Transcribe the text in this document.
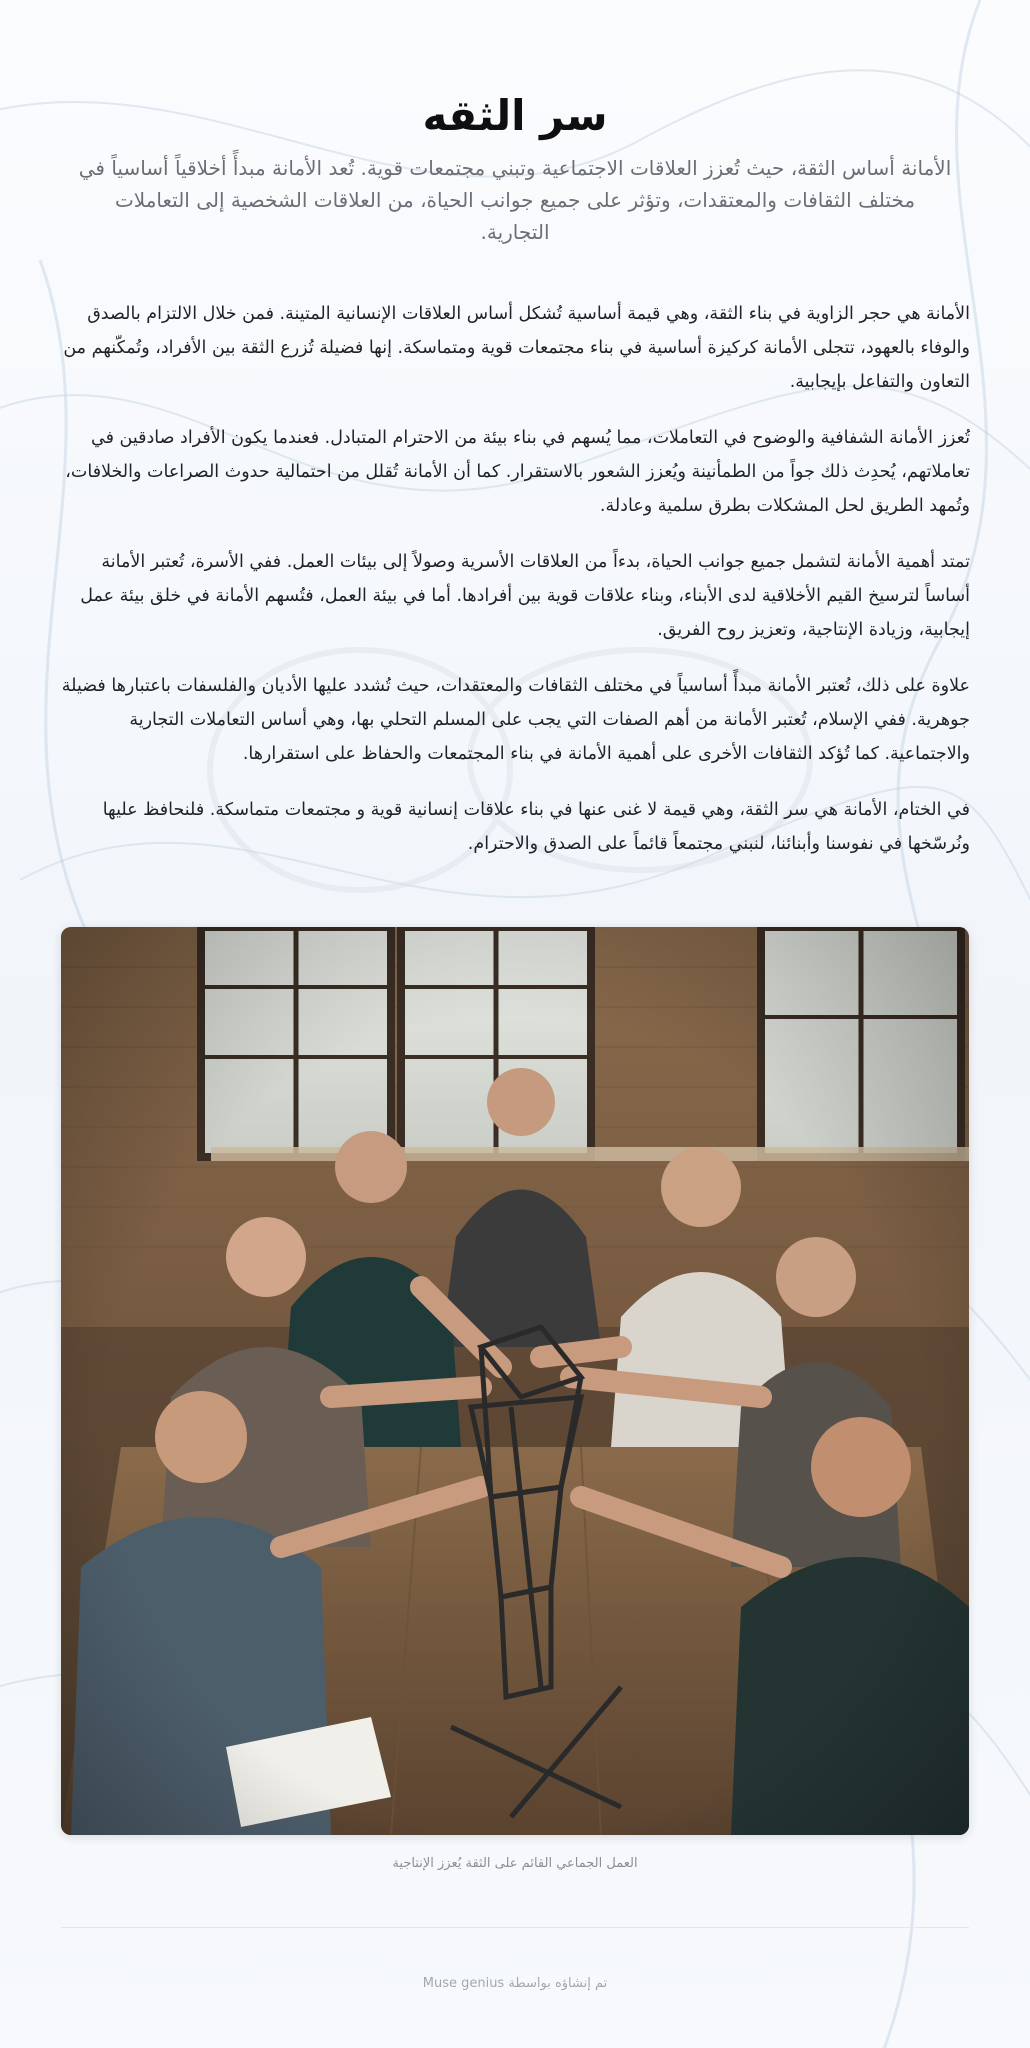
سر الثقه

الأمانة أساس الثقة، حيث تُعزز العلاقات الاجتماعية وتبني مجتمعات قوية. تُعد الأمانة مبدأً أخلاقياً أساسياً في مختلف الثقافات والمعتقدات، وتؤثر على جميع جوانب الحياة، من العلاقات الشخصية إلى التعاملات التجارية.

الأمانة هي حجر الزاوية في بناء الثقة، وهي قيمة أساسية تُشكل أساس العلاقات الإنسانية المتينة. فمن خلال الالتزام بالصدق والوفاء بالعهود، تتجلى الأمانة كركيزة أساسية في بناء مجتمعات قوية ومتماسكة. إنها فضيلة تُزرع الثقة بين الأفراد، وتُمكّنهم من التعاون والتفاعل بإيجابية.

تُعزز الأمانة الشفافية والوضوح في التعاملات، مما يُسهم في بناء بيئة من الاحترام المتبادل. فعندما يكون الأفراد صادقين في تعاملاتهم، يُحدِث ذلك جواً من الطمأنينة ويُعزز الشعور بالاستقرار. كما أن الأمانة تُقلل من احتمالية حدوث الصراعات والخلافات، وتُمهد الطريق لحل المشكلات بطرق سلمية وعادلة.

تمتد أهمية الأمانة لتشمل جميع جوانب الحياة، بدءاً من العلاقات الأسرية وصولاً إلى بيئات العمل. ففي الأسرة، تُعتبر الأمانة أساساً لترسيخ القيم الأخلاقية لدى الأبناء، وبناء علاقات قوية بين أفرادها. أما في بيئة العمل، فتُسهم الأمانة في خلق بيئة عمل إيجابية، وزيادة الإنتاجية، وتعزيز روح الفريق.

علاوة على ذلك، تُعتبر الأمانة مبدأً أساسياً في مختلف الثقافات والمعتقدات، حيث تُشدد عليها الأديان والفلسفات باعتبارها فضيلة جوهرية. ففي الإسلام، تُعتبر الأمانة من أهم الصفات التي يجب على المسلم التحلي بها، وهي أساس التعاملات التجارية والاجتماعية. كما تُؤكد الثقافات الأخرى على أهمية الأمانة في بناء المجتمعات والحفاظ على استقرارها.

في الختام، الأمانة هي سر الثقة، وهي قيمة لا غنى عنها في بناء علاقات إنسانية قوية و مجتمعات متماسكة. فلنحافظ عليها ونُرسّخها في نفوسنا وأبنائنا، لنبني مجتمعاً قائماً على الصدق والاحترام.

العمل الجماعي القائم على الثقة يُعزز الإنتاجية
تم إنشاؤه بواسطة Muse genius
